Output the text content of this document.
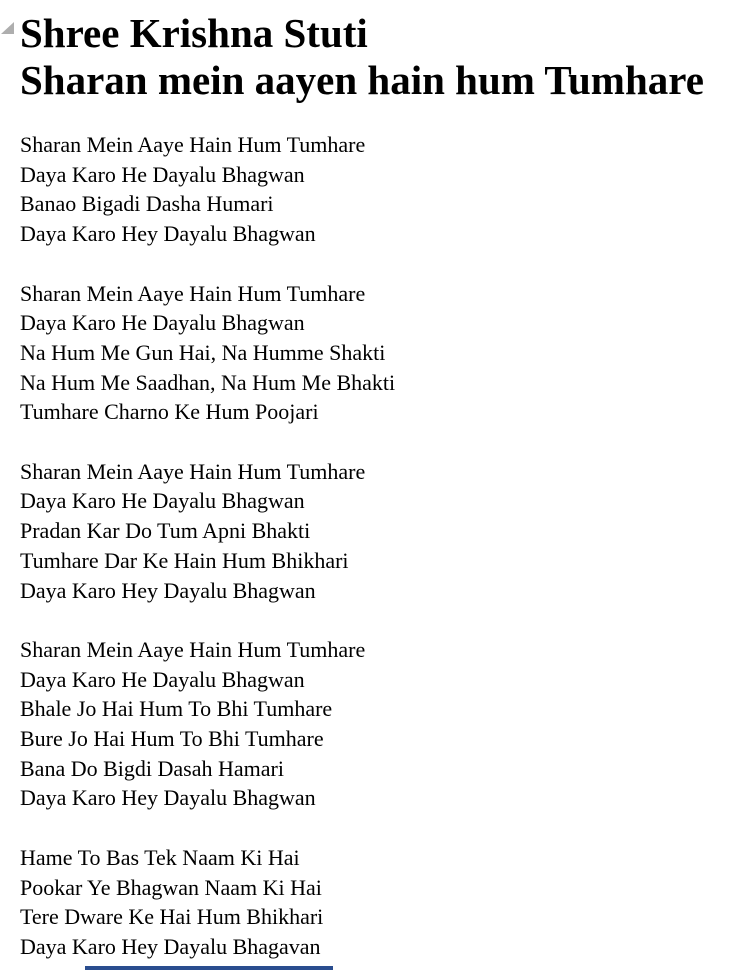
Shree Krishna Stuti
Sharan mein aayen hain hum Tumhare

Sharan Mein Aaye Hain Hum Tumhare
Daya Karo He Dayalu Bhagwan
Banao Bigadi Dasha Humari
Daya Karo Hey Dayalu Bhagwan

Sharan Mein Aaye Hain Hum Tumhare
Daya Karo He Dayalu Bhagwan
Na Hum Me Gun Hai, Na Humme Shakti
Na Hum Me Saadhan, Na Hum Me Bhakti
Tumhare Charno Ke Hum Poojari

Sharan Mein Aaye Hain Hum Tumhare
Daya Karo He Dayalu Bhagwan
Pradan Kar Do Tum Apni Bhakti
Tumhare Dar Ke Hain Hum Bhikhari
Daya Karo Hey Dayalu Bhagwan

Sharan Mein Aaye Hain Hum Tumhare
Daya Karo He Dayalu Bhagwan
Bhale Jo Hai Hum To Bhi Tumhare
Bure Jo Hai Hum To Bhi Tumhare
Bana Do Bigdi Dasah Hamari
Daya Karo Hey Dayalu Bhagwan

Hame To Bas Tek Naam Ki Hai
Pookar Ye Bhagwan Naam Ki Hai
Tere Dware Ke Hai Hum Bhikhari
Daya Karo Hey Dayalu Bhagavan
